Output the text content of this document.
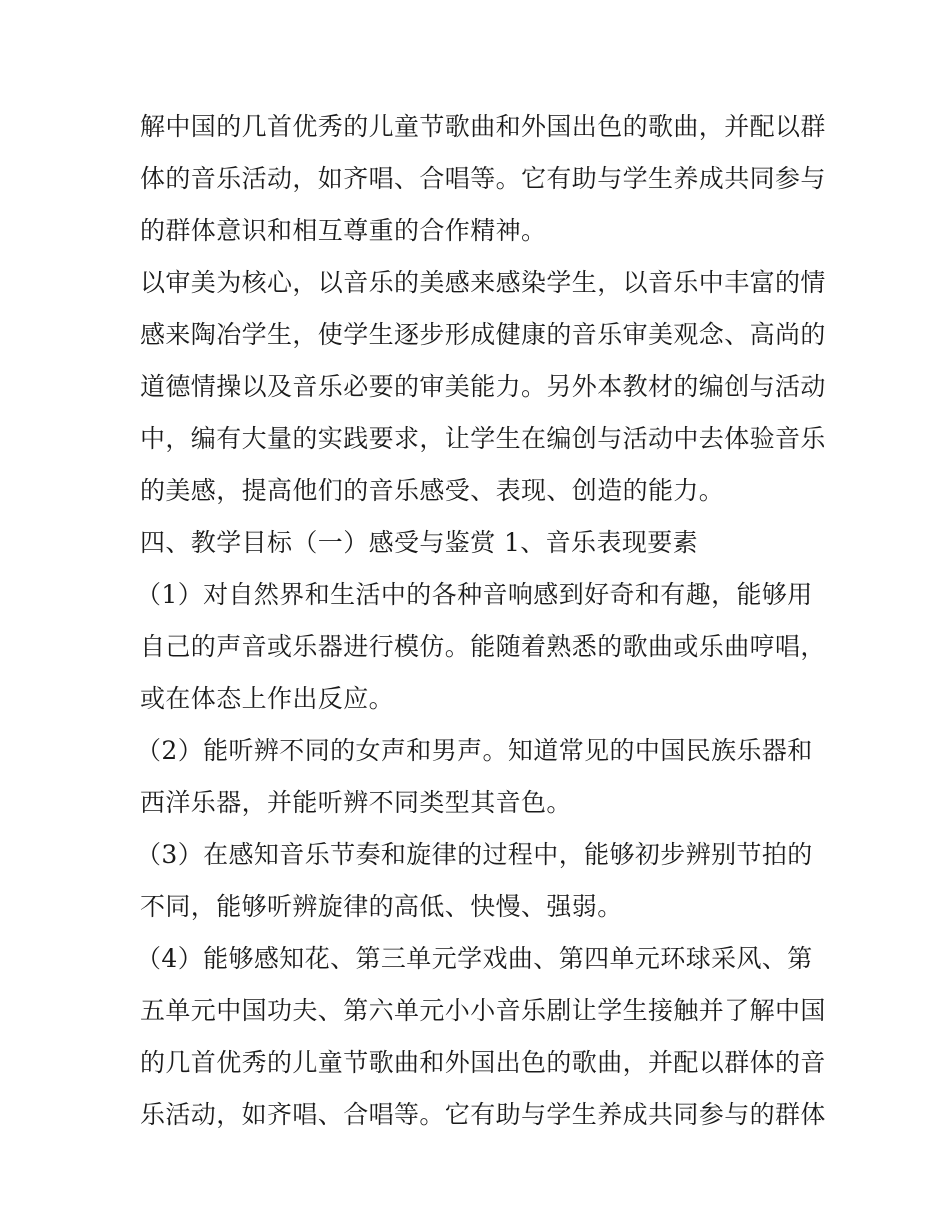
解中国的几首优秀的儿童节歌曲和外国出色的歌曲，并配以群
体的音乐活动，如齐唱、合唱等。它有助与学生养成共同参与
的群体意识和相互尊重的合作精神。
以审美为核心，以音乐的美感来感染学生，以音乐中丰富的情
感来陶冶学生，使学生逐步形成健康的音乐审美观念、高尚的
道德情操以及音乐必要的审美能力。另外本教材的编创与活动
中，编有大量的实践要求，让学生在编创与活动中去体验音乐
的美感，提高他们的音乐感受、表现、创造的能力。
四、教学目标（一）感受与鉴赏 1、音乐表现要素
（1）对自然界和生活中的各种音响感到好奇和有趣，能够用
自己的声音或乐器进行模仿。能随着熟悉的歌曲或乐曲哼唱，
或在体态上作出反应。
（2）能听辨不同的女声和男声。知道常见的中国民族乐器和
西洋乐器，并能听辨不同类型其音色。
（3）在感知音乐节奏和旋律的过程中，能够初步辨别节拍的
不同，能够听辨旋律的高低、快慢、强弱。
（4）能够感知花、第三单元学戏曲、第四单元环球采风、第
五单元中国功夫、第六单元小小音乐剧让学生接触并了解中国
的几首优秀的儿童节歌曲和外国出色的歌曲，并配以群体的音
乐活动，如齐唱、合唱等。它有助与学生养成共同参与的群体
